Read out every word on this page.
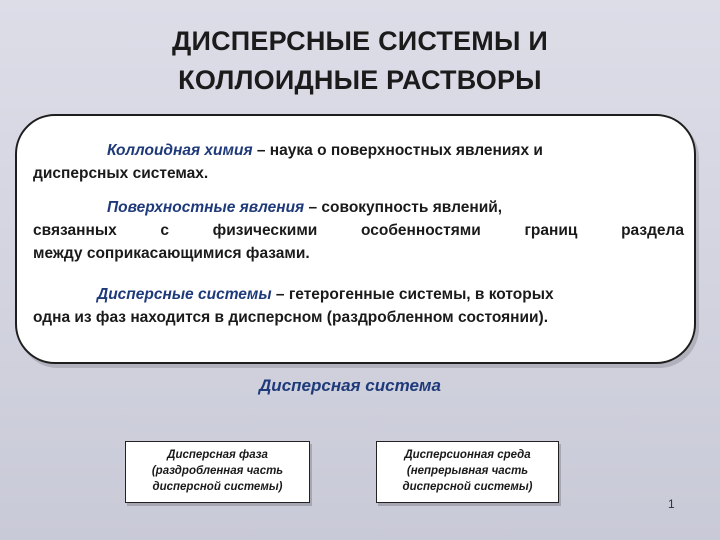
ДИСПЕРСНЫЕ СИСТЕМЫ И
КОЛЛОИДНЫЕ РАСТВОРЫ
Коллоидная химия – наука о поверхностных явлениях и
дисперсных системах.
Поверхностные явления – совокупность явлений,
связанных с физическими особенностями границ раздела
между соприкасающимися фазами.
Дисперсные системы – гетерогенные системы, в которых
одна из фаз находится в дисперсном (раздробленном состоянии).
Дисперсная система
Дисперсная фаза
(раздробленная часть
дисперсной системы)
Дисперсионная среда
(непрерывная часть
дисперсной системы)
1
